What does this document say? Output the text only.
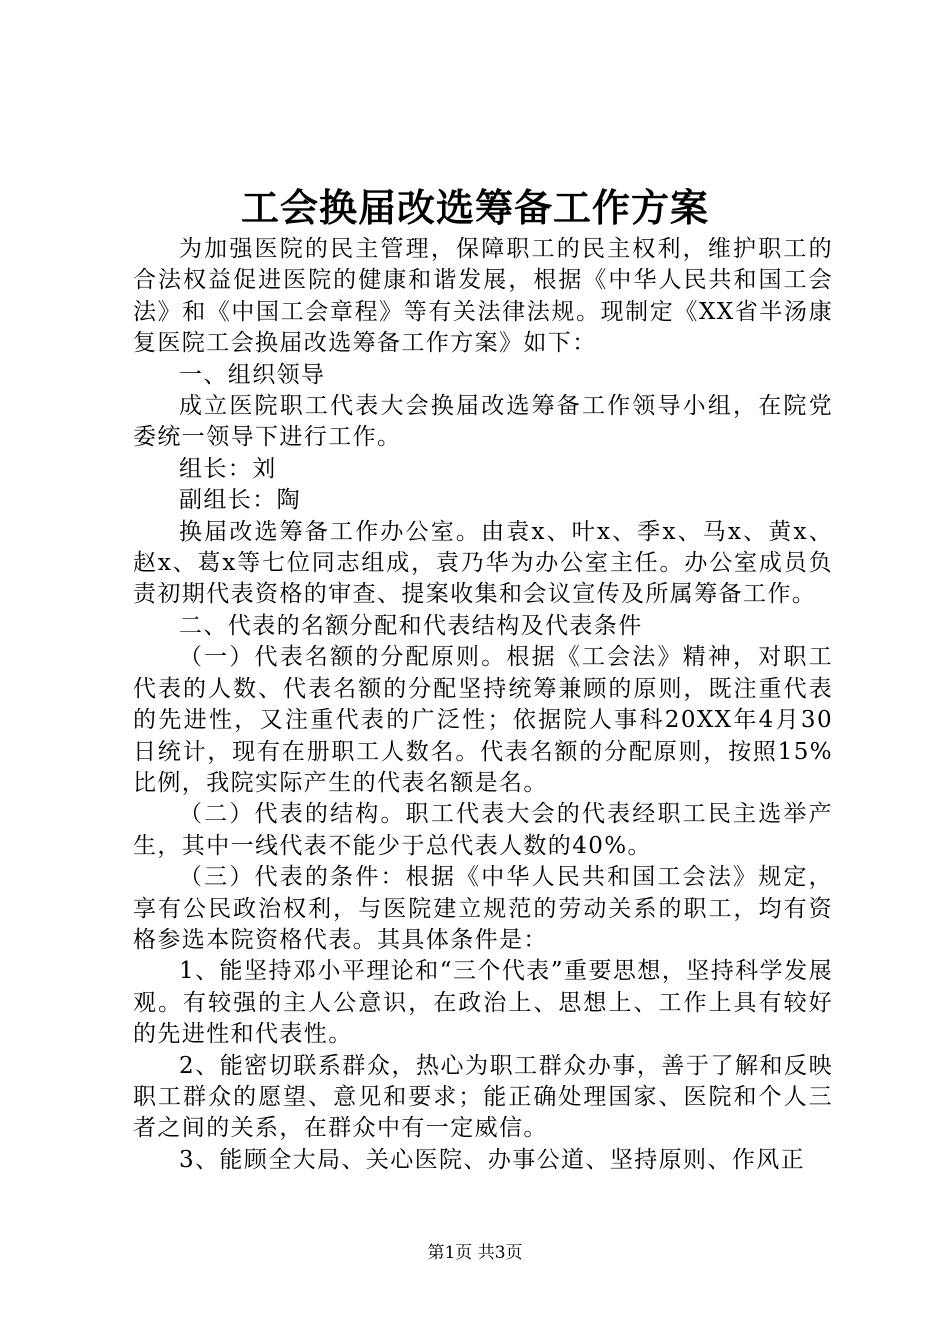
工会换届改选筹备工作方案

为加强医院的民主管理，保障职工的民主权利，维护职工的合法权益促进医院的健康和谐发展，根据《中华人民共和国工会法》和《中国工会章程》等有关法律法规。现制定《XX省半汤康复医院工会换届改选筹备工作方案》如下：

一、组织领导

成立医院职工代表大会换届改选筹备工作领导小组，在院党委统一领导下进行工作。

组长：刘

副组长：陶

换届改选筹备工作办公室。由袁x、叶x、季x、马x、黄x、赵x、葛x等七位同志组成，袁乃华为办公室主任。办公室成员负责初期代表资格的审查、提案收集和会议宣传及所属筹备工作。

二、代表的名额分配和代表结构及代表条件

（一）代表名额的分配原则。根据《工会法》精神，对职工代表的人数、代表名额的分配坚持统筹兼顾的原则，既注重代表的先进性，又注重代表的广泛性；依据院人事科20XX年4月30日统计，现有在册职工人数名。代表名额的分配原则，按照15%比例，我院实际产生的代表名额是名。

（二）代表的结构。职工代表大会的代表经职工民主选举产生，其中一线代表不能少于总代表人数的40%。

（三）代表的条件：根据《中华人民共和国工会法》规定，享有公民政治权利，与医院建立规范的劳动关系的职工，均有资格参选本院资格代表。其具体条件是：

1、能坚持邓小平理论和“三个代表”重要思想，坚持科学发展观。有较强的主人公意识，在政治上、思想上、工作上具有较好的先进性和代表性。

2、能密切联系群众，热心为职工群众办事，善于了解和反映职工群众的愿望、意见和要求；能正确处理国家、医院和个人三者之间的关系，在群众中有一定威信。

3、能顾全大局、关心医院、办事公道、坚持原则、作风正

第1页 共3页
